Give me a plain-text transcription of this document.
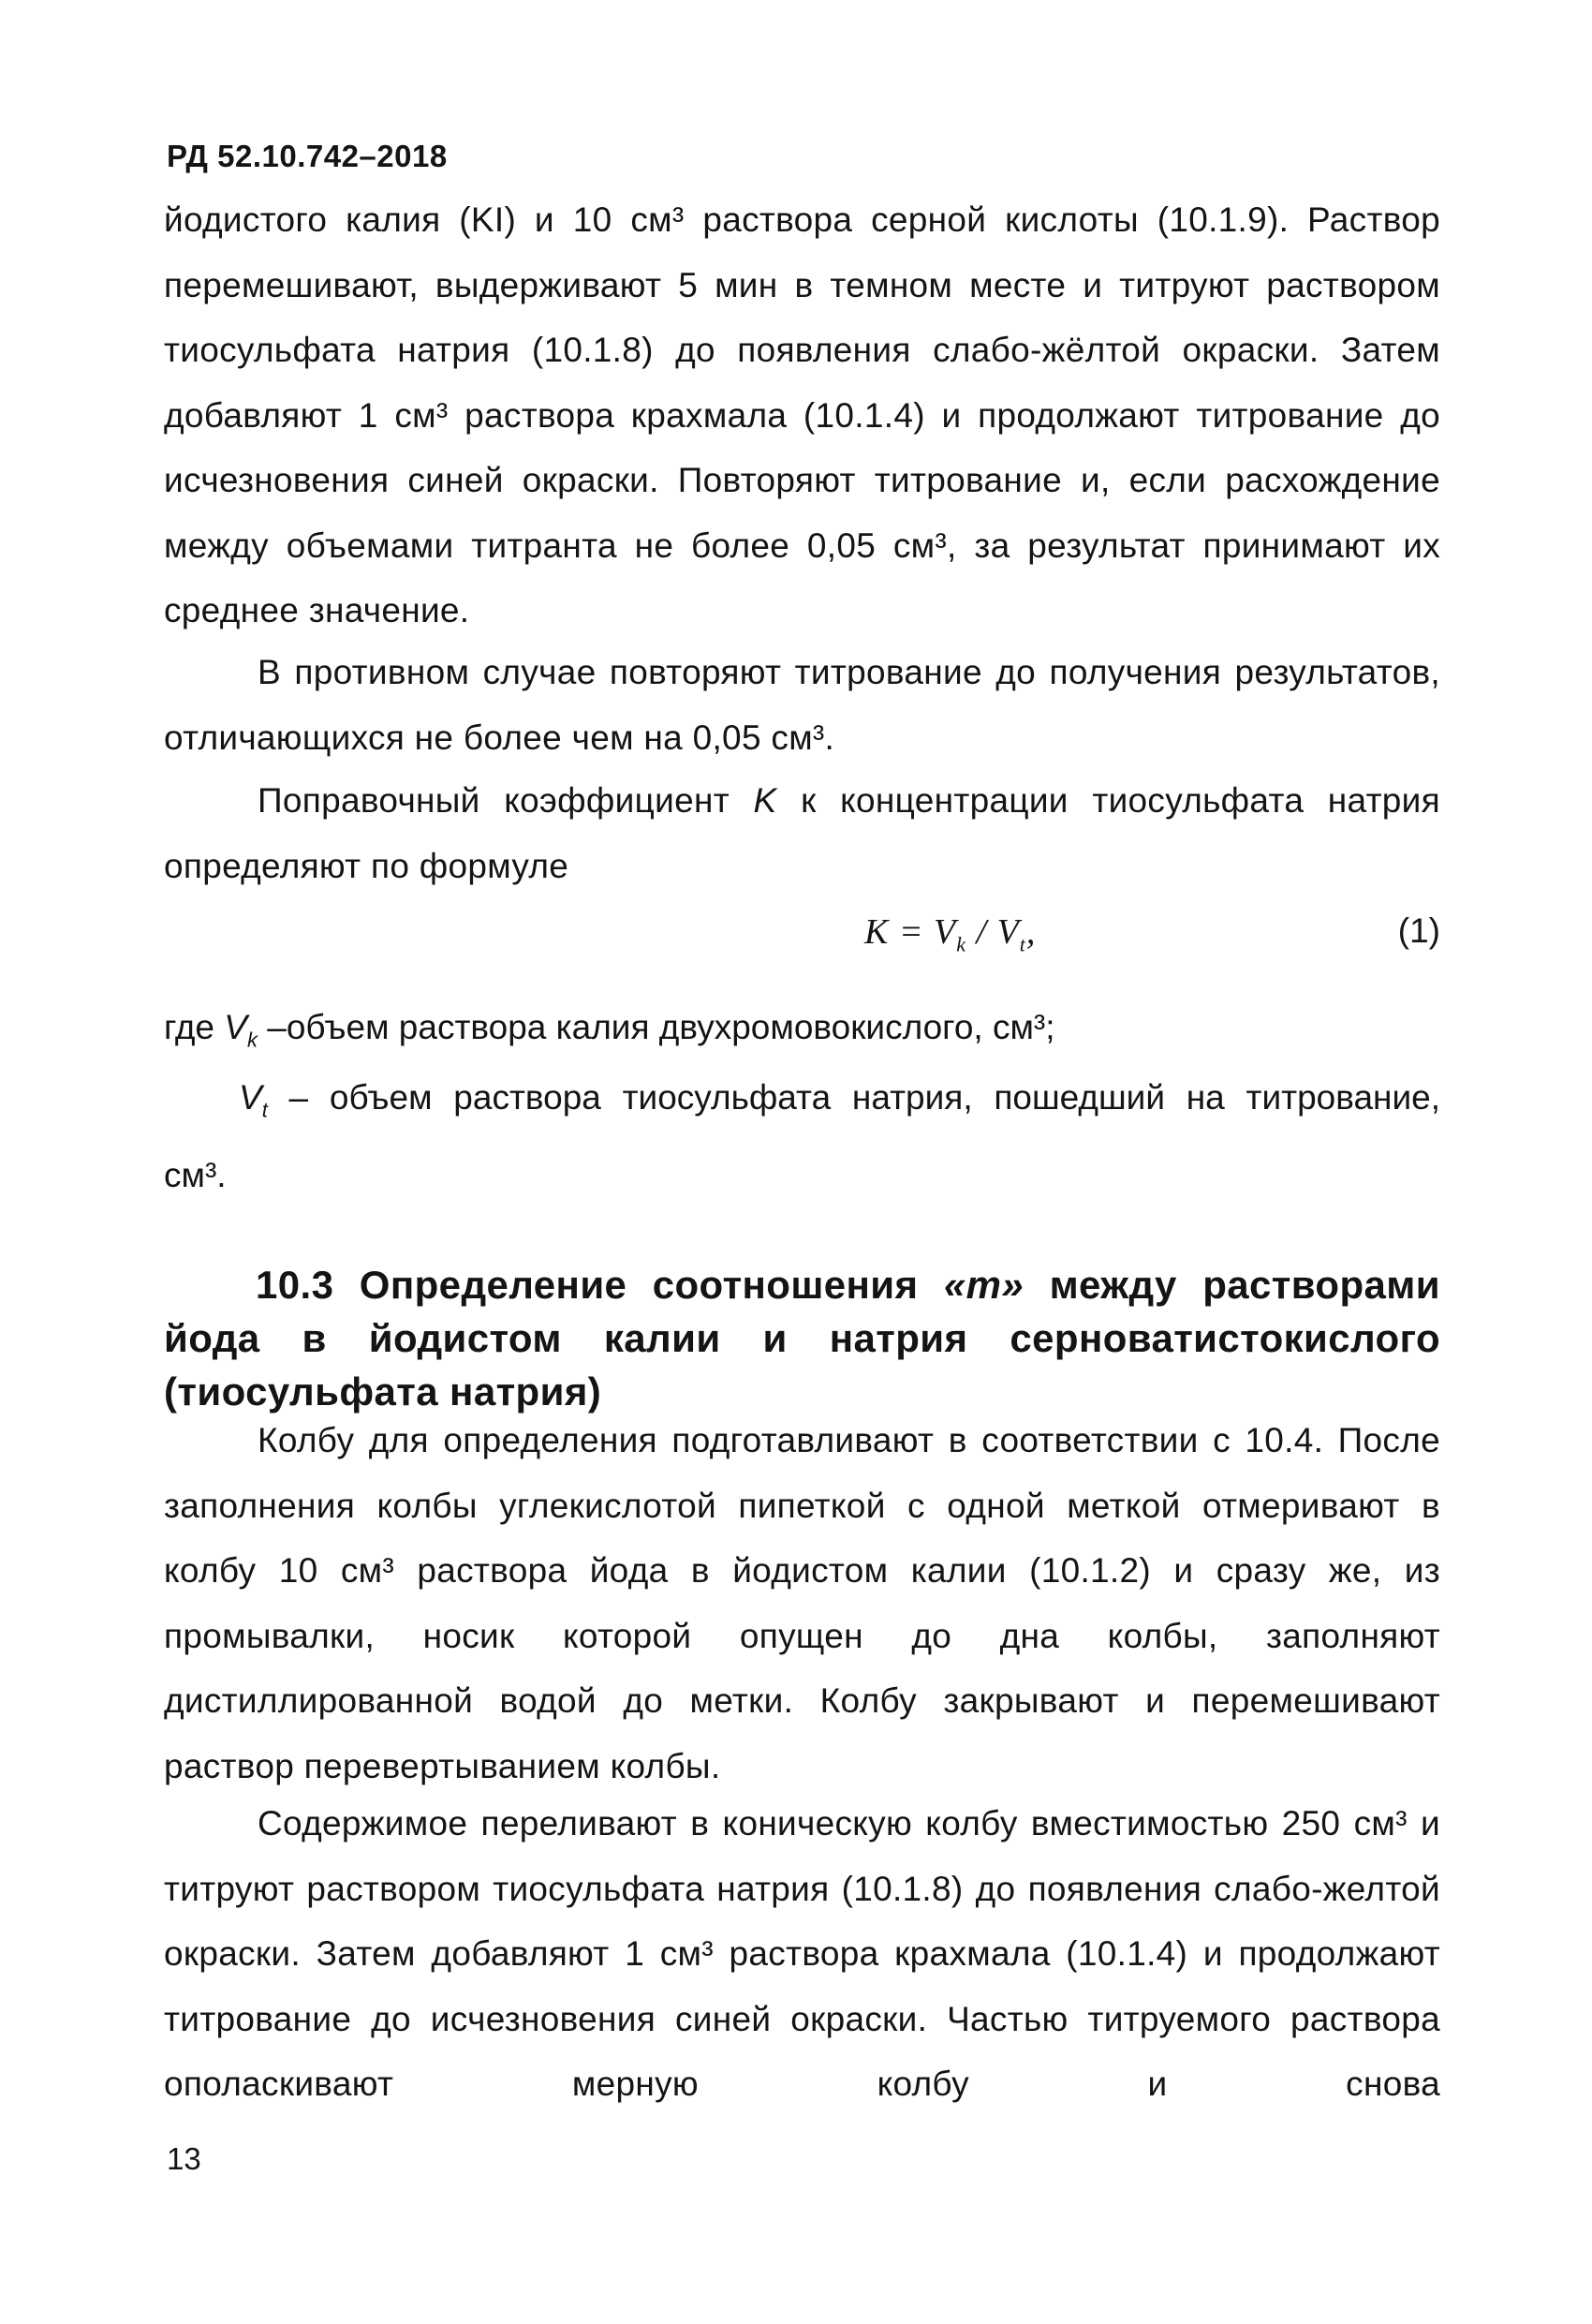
РД 52.10.742–2018

йодистого калия (KI) и 10 см³ раствора серной кислоты (10.1.9). Раствор перемешивают, выдерживают 5 мин в темном месте и титруют раствором тиосульфата натрия (10.1.8) до появления слабо-жёлтой окраски. Затем добавляют 1 см³ раствора крахмала (10.1.4) и продолжают титрование до исчезновения синей окраски. Повторяют титрование и, если расхождение между объемами титранта не более 0,05 см³, за результат принимают их среднее значение.

В противном случае повторяют титрование до получения результатов, отличающихся не более чем на 0,05 см³.

Поправочный коэффициент K к концентрации тиосульфата натрия определяют по формуле

$K = V_k / V_t$,	(1)
где $V_k$ –объем раствора калия двухромовокислого, см³;
$V_t$ – объем раствора тиосульфата натрия, пошедший на титрование,
см³.
10.3 Определение соотношения «m» между растворами йода в йодистом калии и натрия серноватистокислого (тиосульфата натрия)

Колбу для определения подготавливают в соответствии с 10.4. После заполнения колбы углекислотой пипеткой с одной меткой отмеривают в колбу 10 см³ раствора йода в йодистом калии (10.1.2) и сразу же, из промывалки, носик которой опущен до дна колбы, заполняют дистиллированной водой до метки. Колбу закрывают и перемешивают раствор перевертыванием колбы.

Содержимое переливают в коническую колбу вместимостью 250 см³ и титруют раствором тиосульфата натрия (10.1.8) до появления слабо-желтой окраски. Затем добавляют 1 см³ раствора крахмала (10.1.4) и продолжают титрование до исчезновения синей окраски. Частью титруемого раствора ополаскивают мерную колбу и снова

13
